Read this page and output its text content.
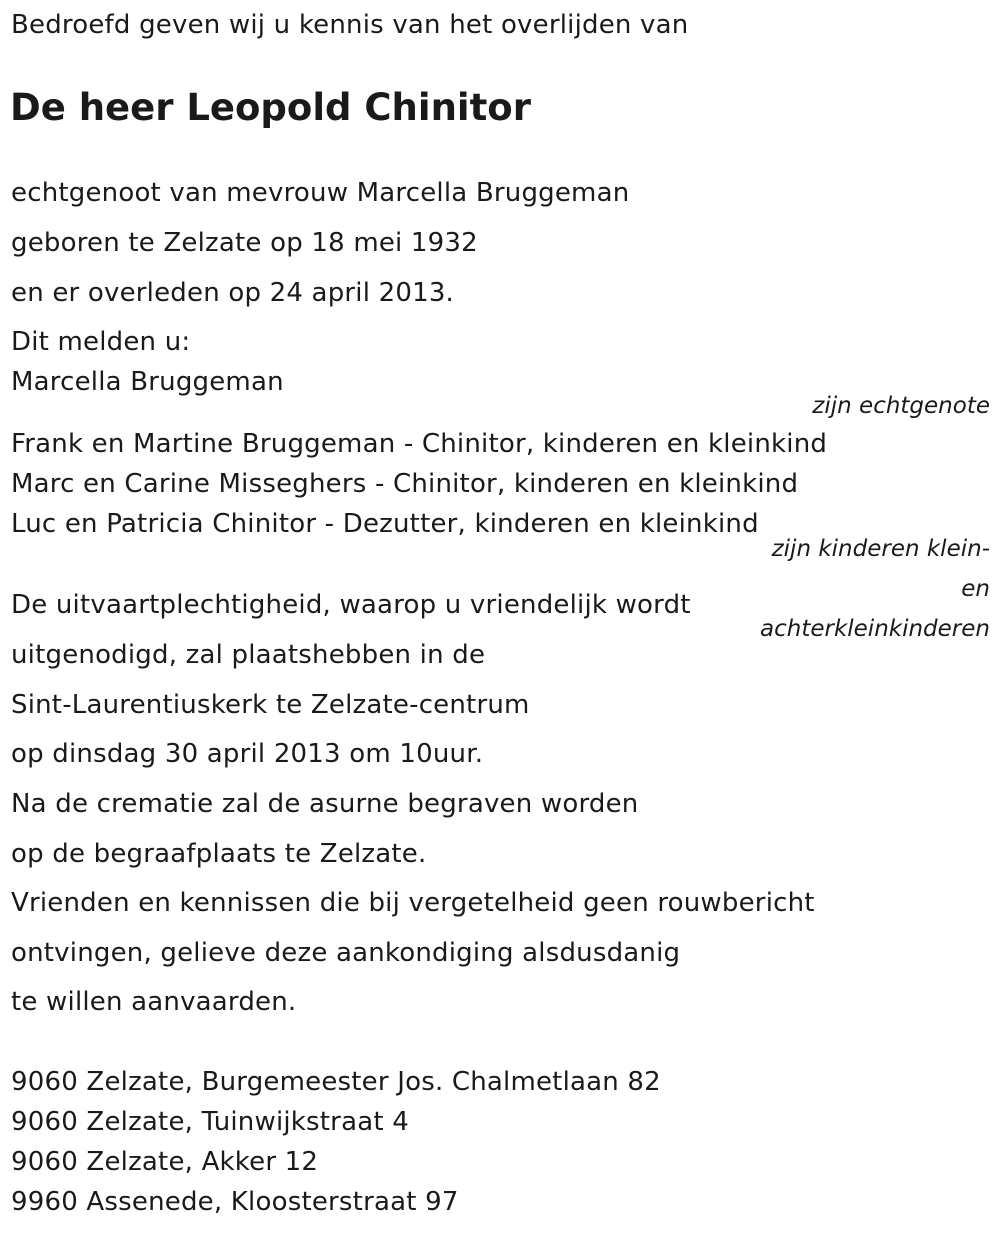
Bedroefd geven wij u kennis van het overlijden van
De heer Leopold Chinitor
echtgenoot van mevrouw Marcella Bruggeman
geboren te Zelzate op 18 mei 1932
en er overleden op 24 april 2013.
Dit melden u:
Marcella Bruggeman
zijn echtgenote
Frank en Martine Bruggeman - Chinitor, kinderen en kleinkind
Marc en Carine Misseghers - Chinitor, kinderen en kleinkind
Luc en Patricia Chinitor - Dezutter, kinderen en kleinkind
zijn kinderen klein-
en
achterkleinkinderen
De uitvaartplechtigheid, waarop u vriendelijk wordt
uitgenodigd, zal plaatshebben in de
Sint-Laurentiuskerk te Zelzate-centrum
op dinsdag 30 april 2013 om 10uur.
Na de crematie zal de asurne begraven worden
op de begraafplaats te Zelzate.
Vrienden en kennissen die bij vergetelheid geen rouwbericht
ontvingen, gelieve deze aankondiging alsdusdanig
te willen aanvaarden.
9060 Zelzate, Burgemeester Jos. Chalmetlaan 82
9060 Zelzate, Tuinwijkstraat 4
9060 Zelzate, Akker 12
9960 Assenede, Kloosterstraat 97
